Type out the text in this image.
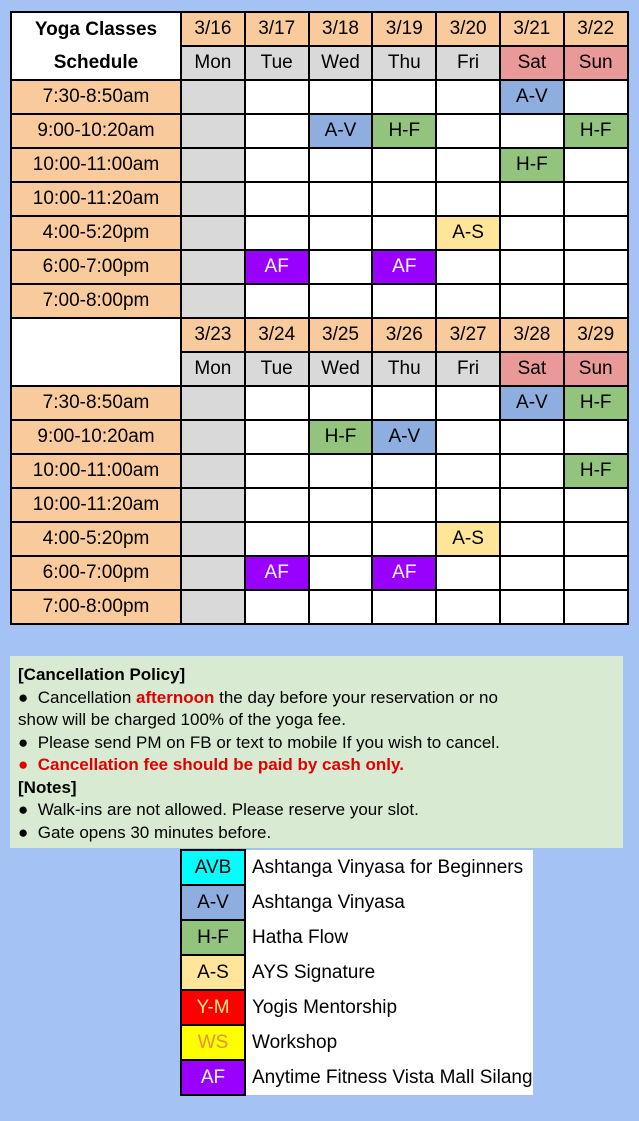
Yoga Classes
Schedule	3/16	3/17	3/18	3/19	3/20	3/21	3/22
	Mon	Tue	Wed	Thu	Fri	Sat	Sun
7:30-8:50am						A-V	
9:00-10:20am			A-V	H-F			H-F
10:00-11:00am						H-F	
10:00-11:20am							
4:00-5:20pm					A-S		
6:00-7:00pm		AF		AF			
7:00-8:00pm							
	3/23	3/24	3/25	3/26	3/27	3/28	3/29
	Mon	Tue	Wed	Thu	Fri	Sat	Sun
7:30-8:50am						A-V	H-F
9:00-10:20am			H-F	A-V			
10:00-11:00am							H-F
10:00-11:20am							
4:00-5:20pm					A-S		
6:00-7:00pm		AF		AF			
7:00-8:00pm							
[Cancellation Policy]
● Cancellation afternoon the day before your reservation or no
show will be charged 100% of the yoga fee.
● Please send PM on FB or text to mobile If you wish to cancel.
● Cancellation fee should be paid by cash only.
[Notes]
● Walk-ins are not allowed. Please reserve your slot.
● Gate opens 30 minutes before.
AVB	Ashtanga Vinyasa for Beginners
A-V	Ashtanga Vinyasa
H-F	Hatha Flow
A-S	AYS Signature
Y-M	Yogis Mentorship
WS	Workshop
AF	Anytime Fitness Vista Mall Silang
